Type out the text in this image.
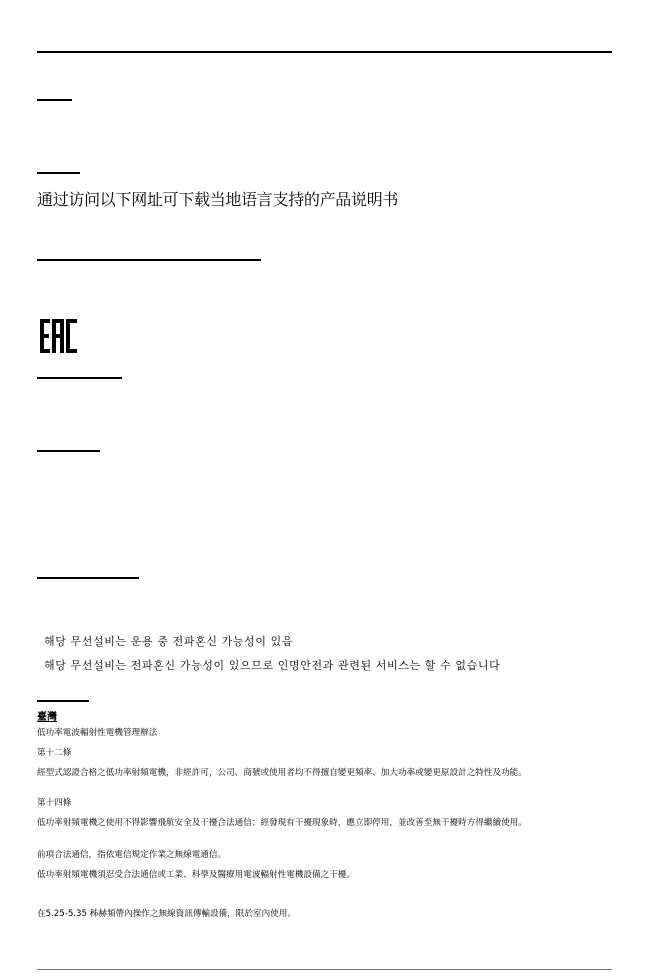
通过访问以下网址可下载当地语言支持的产品说明书
해당 무선설비는 운용 중 전파혼신 가능성이 있음
해당 무선설비는 전파혼신 가능성이 있으므로 인명안전과 관련된 서비스는 할 수 없습니다
臺灣
低功率電波輻射性電機管理辦法
第十二條
經型式認證合格之低功率射頻電機，非經許可，公司、商號或使用者均不得擅自變更頻率、加大功率或變更原設計之特性及功能。
第十四條
低功率射頻電機之使用不得影響飛航安全及干擾合法通信；經發現有干擾現象時，應立即停用，並改善至無干擾時方得繼續使用。
前項合法通信，指依電信規定作業之無線電通信。
低功率射頻電機須忍受合法通信或工業、科學及醫療用電波輻射性電機設備之干擾。
在5.25-5.35 秭赫頻帶內操作之無線資訊傳輸設備，限於室內使用。
